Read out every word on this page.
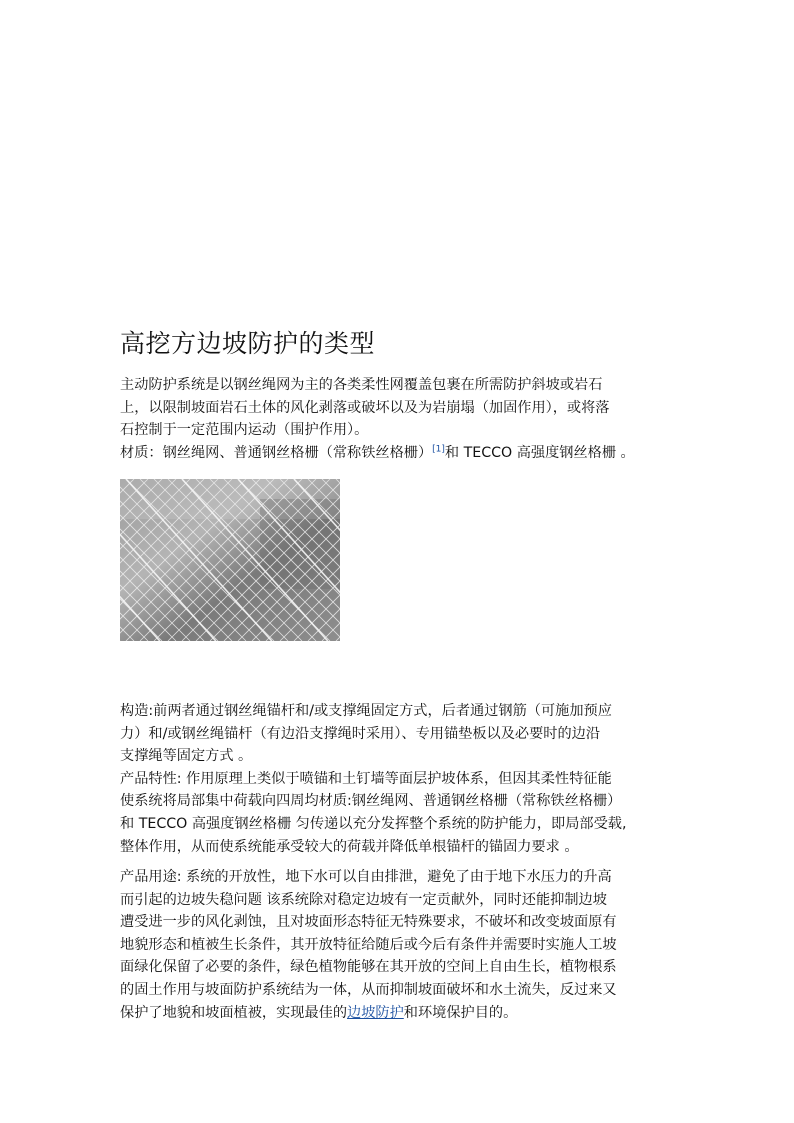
高挖方边坡防护的类型
主动防护系统是以钢丝绳网为主的各类柔性网覆盖包裹在所需防护斜坡或岩石
上，以限制坡面岩石土体的风化剥落或破坏以及为岩崩塌（加固作用），或将落
石控制于一定范围内运动（围护作用）。
材质：钢丝绳网、普通钢丝格栅（常称铁丝格栅）[1]和 TECCO 高强度钢丝格栅 。
构造:前两者通过钢丝绳锚杆和/或支撑绳固定方式，后者通过钢筋（可施加预应
力）和/或钢丝绳锚杆（有边沿支撑绳时采用）、专用锚垫板以及必要时的边沿
支撑绳等固定方式 。
产品特性: 作用原理上类似于喷锚和土钉墙等面层护坡体系，但因其柔性特征能
使系统将局部集中荷载向四周均材质:钢丝绳网、普通钢丝格栅（常称铁丝格栅）
和 TECCO 高强度钢丝格栅 匀传递以充分发挥整个系统的防护能力，即局部受载,
整体作用，从而使系统能承受较大的荷载并降低单根锚杆的锚固力要求 。
产品用途: 系统的开放性，地下水可以自由排泄，避免了由于地下水压力的升高
而引起的边坡失稳问题 该系统除对稳定边坡有一定贡献外，同时还能抑制边坡
遭受进一步的风化剥蚀，且对坡面形态特征无特殊要求，不破坏和改变坡面原有
地貌形态和植被生长条件，其开放特征给随后或今后有条件并需要时实施人工坡
面绿化保留了必要的条件，绿色植物能够在其开放的空间上自由生长，植物根系
的固土作用与坡面防护系统结为一体，从而抑制坡面破坏和水土流失，反过来又
保护了地貌和坡面植被，实现最佳的边坡防护和环境保护目的。
